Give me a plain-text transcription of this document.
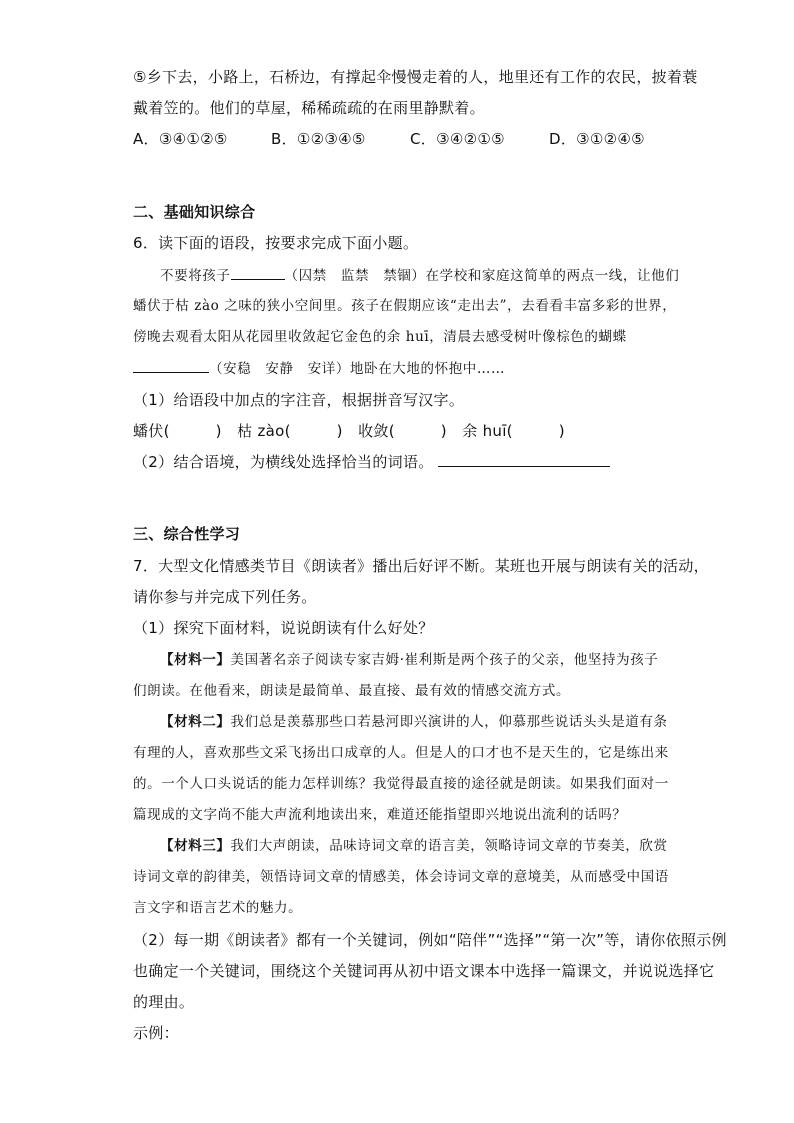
⑤乡下去，小路上，石桥边，有撑起伞慢慢走着的人，地里还有工作的农民，披着蓑
戴着笠的。他们的草屋，稀稀疏疏的在雨里静默着。
A．③④①②⑤	B．①②③④⑤	C．③④②①⑤	D．③①②④⑤
二、基础知识综合
6．读下面的语段，按要求完成下面小题。
不要将孩子	（囚禁　监禁　禁锢）在学校和家庭这简单的两点一线，让他们
蟠伏于枯 zào 之味的狭小空间里。孩子在假期应该“走出去”，去看看丰富多彩的世界，
傍晚去观看太阳从花园里收敛起它金色的余 huī，清晨去感受树叶像棕色的蝴蝶
（安稳　安静　安详）地卧在大地的怀抱中……
（1）给语段中加点的字注音，根据拼音写汉字。
蟠伏(　　　)　枯 zào(　　　)　收敛(　　　)　余 huī(　　　)
（2）结合语境，为横线处选择恰当的词语。
三、综合性学习
7．大型文化情感类节目《朗读者》播出后好评不断。某班也开展与朗读有关的活动，
请你参与并完成下列任务。
（1）探究下面材料，说说朗读有什么好处？
【材料一】美国著名亲子阅读专家吉姆·崔利斯是两个孩子的父亲，他坚持为孩子
们朗读。在他看来，朗读是最简单、最直接、最有效的情感交流方式。
【材料二】我们总是羡慕那些口若悬河即兴演讲的人，仰慕那些说话头头是道有条
有理的人，喜欢那些文采飞扬出口成章的人。但是人的口才也不是天生的，它是练出来
的。一个人口头说话的能力怎样训练？我觉得最直接的途径就是朗读。如果我们面对一
篇现成的文字尚不能大声流利地读出来，难道还能指望即兴地说出流利的话吗？
【材料三】我们大声朗读，品味诗词文章的语言美，领略诗词文章的节奏美，欣赏
诗词文章的韵律美，领悟诗词文章的情感美，体会诗词文章的意境美，从而感受中国语
言文字和语言艺术的魅力。
（2）每一期《朗读者》都有一个关键词，例如“陪伴”“选择”“第一次”等，请你依照示例
也确定一个关键词，围绕这个关键词再从初中语文课本中选择一篇课文，并说说选择它
的理由。
示例：
